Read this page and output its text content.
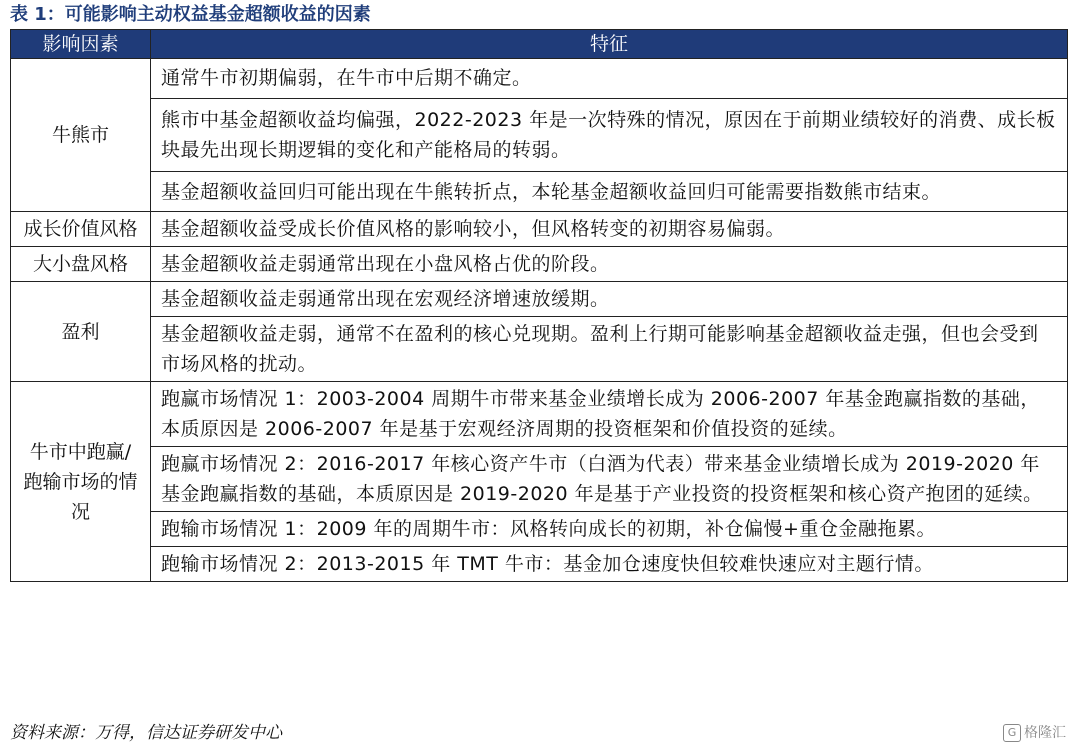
表 1：可能影响主动权益基金超额收益的因素
影响因素	特征
牛熊市	通常牛市初期偏弱，在牛市中后期不确定。
	熊市中基金超额收益均偏强，2022-2023 年是一次特殊的情况，原因在于前期业绩较好的消费、成长板块最先出现长期逻辑的变化和产能格局的转弱。
	基金超额收益回归可能出现在牛熊转折点，本轮基金超额收益回归可能需要指数熊市结束。
成长价值风格	基金超额收益受成长价值风格的影响较小，但风格转变的初期容易偏弱。
大小盘风格	基金超额收益走弱通常出现在小盘风格占优的阶段。
盈利	基金超额收益走弱通常出现在宏观经济增速放缓期。
	基金超额收益走弱，通常不在盈利的核心兑现期。盈利上行期可能影响基金超额收益走强，但也会受到市场风格的扰动。
牛市中跑赢/跑输市场的情况	跑赢市场情况 1：2003-2004 周期牛市带来基金业绩增长成为 2006-2007 年基金跑赢指数的基础，本质原因是 2006-2007 年是基于宏观经济周期的投资框架和价值投资的延续。
	跑赢市场情况 2：2016-2017 年核心资产牛市（白酒为代表）带来基金业绩增长成为 2019-2020 年基金跑赢指数的基础，本质原因是 2019-2020 年是基于产业投资的投资框架和核心资产抱团的延续。
	跑输市场情况 1：2009 年的周期牛市：风格转向成长的初期，补仓偏慢+重仓金融拖累。
	跑输市场情况 2：2013-2015 年 TMT 牛市：基金加仓速度快但较难快速应对主题行情。
资料来源：万得，信达证券研发中心	G 格隆汇
